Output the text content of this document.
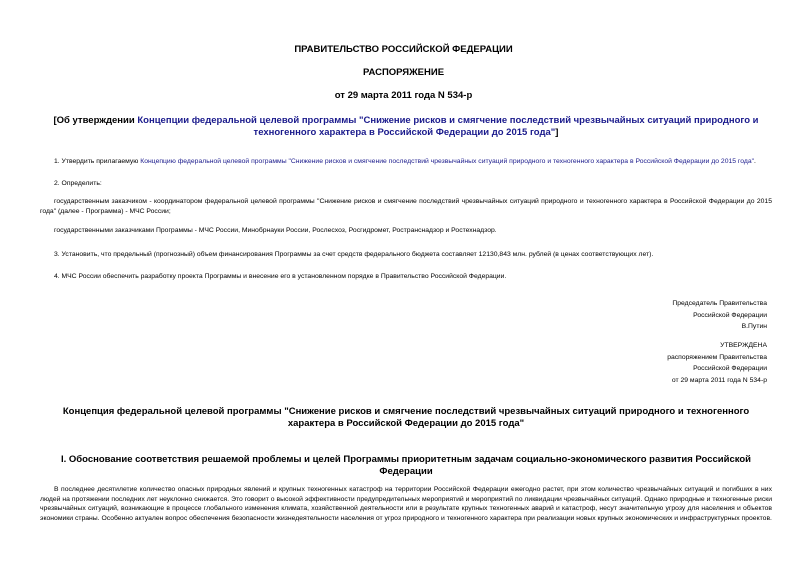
ПРАВИТЕЛЬСТВО РОССИЙСКОЙ ФЕДЕРАЦИИ
РАСПОРЯЖЕНИЕ
от 29 марта 2011 года N 534-р
[Об утверждении Концепции федеральной целевой программы "Снижение рисков и смягчение последствий чрезвычайных ситуаций природного и техногенного характера в Российской Федерации до 2015 года"]
1. Утвердить прилагаемую Концепцию федеральной целевой программы "Снижение рисков и смягчение последствий чрезвычайных ситуаций природного и техногенного характера в Российской Федерации до 2015 года".
2. Определить:
государственным заказчиком - координатором федеральной целевой программы "Снижение рисков и смягчение последствий чрезвычайных ситуаций природного и техногенного характера в Российской Федерации до 2015 года" (далее - Программа) - МЧС России;
государственными заказчиками Программы - МЧС России, Минобрнауки России, Рослесхоз, Росгидромет, Ространснадзор и Ростехнадзор.
3. Установить, что предельный (прогнозный) объем финансирования Программы за счет средств федерального бюджета составляет 12130,843 млн. рублей (в ценах соответствующих лет).
4. МЧС России обеспечить разработку проекта Программы и внесение его в установленном порядке в Правительство Российской Федерации.
Председатель Правительства
Российской Федерации
В.Путин
УТВЕРЖДЕНА
распоряжением Правительства
Российской Федерации
от 29 марта 2011 года N 534-р
Концепция федеральной целевой программы "Снижение рисков и смягчение последствий чрезвычайных ситуаций природного и техногенного характера в Российской Федерации до 2015 года"
I. Обоснование соответствия решаемой проблемы и целей Программы приоритетным задачам социально-экономического развития Российской Федерации
В последнее десятилетие количество опасных природных явлений и крупных техногенных катастроф на территории Российской Федерации ежегодно растет, при этом количество чрезвычайных ситуаций и погибших в них людей на протяжении последних лет неуклонно снижается. Это говорит о высокой эффективности предупредительных мероприятий и мероприятий по ликвидации чрезвычайных ситуаций. Однако природные и техногенные риски чрезвычайных ситуаций, возникающие в процессе глобального изменения климата, хозяйственной деятельности или в результате крупных техногенных аварий и катастроф, несут значительную угрозу для населения и объектов экономики страны. Особенно актуален вопрос обеспечения безопасности жизнедеятельности населения от угроз природного и техногенного характера при реализации новых крупных экономических и инфраструктурных проектов.
